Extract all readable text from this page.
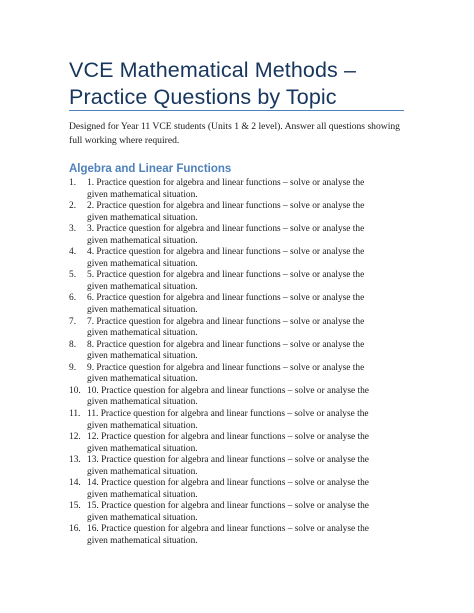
VCE Mathematical Methods – Practice Questions by Topic
Designed for Year 11 VCE students (Units 1 & 2 level). Answer all questions showing full working where required.
Algebra and Linear Functions
1. 1. Practice question for algebra and linear functions – solve or analyse the given mathematical situation.
2. 2. Practice question for algebra and linear functions – solve or analyse the given mathematical situation.
3. 3. Practice question for algebra and linear functions – solve or analyse the given mathematical situation.
4. 4. Practice question for algebra and linear functions – solve or analyse the given mathematical situation.
5. 5. Practice question for algebra and linear functions – solve or analyse the given mathematical situation.
6. 6. Practice question for algebra and linear functions – solve or analyse the given mathematical situation.
7. 7. Practice question for algebra and linear functions – solve or analyse the given mathematical situation.
8. 8. Practice question for algebra and linear functions – solve or analyse the given mathematical situation.
9. 9. Practice question for algebra and linear functions – solve or analyse the given mathematical situation.
10. 10. Practice question for algebra and linear functions – solve or analyse the given mathematical situation.
11. 11. Practice question for algebra and linear functions – solve or analyse the given mathematical situation.
12. 12. Practice question for algebra and linear functions – solve or analyse the given mathematical situation.
13. 13. Practice question for algebra and linear functions – solve or analyse the given mathematical situation.
14. 14. Practice question for algebra and linear functions – solve or analyse the given mathematical situation.
15. 15. Practice question for algebra and linear functions – solve or analyse the given mathematical situation.
16. 16. Practice question for algebra and linear functions – solve or analyse the given mathematical situation.
